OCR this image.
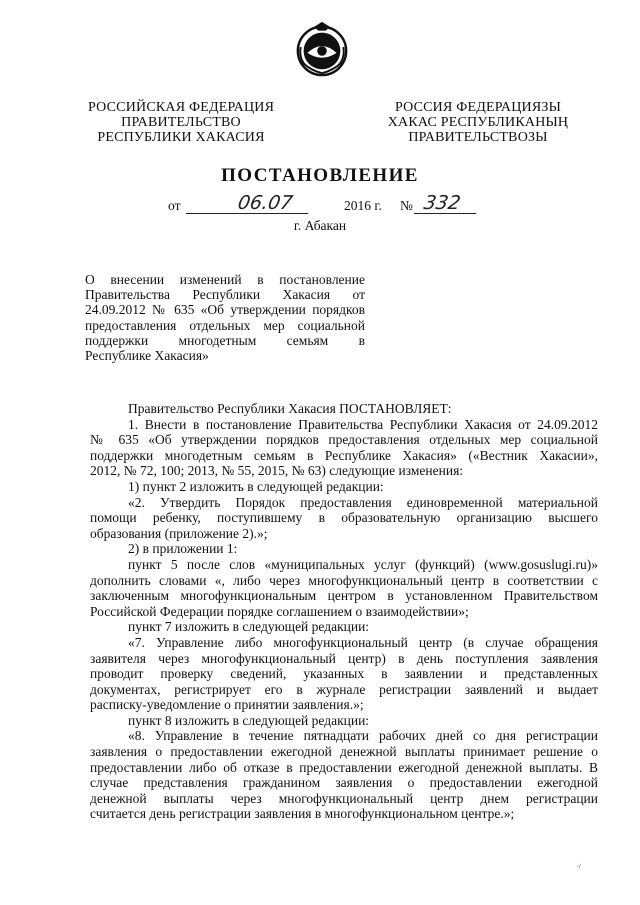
РОССИЙСКАЯ ФЕДЕРАЦИЯ
ПРАВИТЕЛЬСТВО
РЕСПУБЛИКИ ХАКАСИЯ
РОССИЯ ФЕДЕРАЦИЯЗЫ
ХАКАС РЕСПУБЛИКАНЫҢ
ПРАВИТЕЛЬСТВОЗЫ
ПОСТАНОВЛЕНИЕ
от	06.07	2016 г. № 332
г. Абакан
О внесении изменений в постановление
Правительства Республики Хакасия от
24.09.2012 № 635 «Об утверждении порядков
предоставления отдельных мер социальной
поддержки многодетным семьям в
Республике Хакасия»
Правительство Республики Хакасия ПОСТАНОВЛЯЕТ:
1. Внести в постановление Правительства Республики Хакасия от 24.09.2012
№ 635 «Об утверждении порядков предоставления отдельных мер социальной
поддержки многодетным семьям в Республике Хакасия» («Вестник Хакасии»,
2012, № 72, 100; 2013, № 55, 2015, № 63) следующие изменения:
1) пункт 2 изложить в следующей редакции:
«2. Утвердить Порядок предоставления единовременной материальной
помощи ребенку, поступившему в образовательную организацию высшего
образования (приложение 2).»;
2) в приложении 1:
пункт 5 после слов «муниципальных услуг (функций) (www.gosuslugi.ru)»
дополнить словами «, либо через многофункциональный центр в соответствии с
заключенным многофункциональным центром в установленном Правительством
Российской Федерации порядке соглашением о взаимодействии»;
пункт 7 изложить в следующей редакции:
«7. Управление либо многофункциональный центр (в случае обращения
заявителя через многофункциональный центр) в день поступления заявления
проводит проверку сведений, указанных в заявлении и представленных
документах, регистрирует его в журнале регистрации заявлений и выдает
расписку-уведомление о принятии заявления.»;
пункт 8 изложить в следующей редакции:
«8. Управление в течение пятнадцати рабочих дней со дня регистрации
заявления о предоставлении ежегодной денежной выплаты принимает решение о
предоставлении либо об отказе в предоставлении ежегодной денежной выплаты. В
случае представления гражданином заявления о предоставлении ежегодной
денежной выплаты через многофункциональный центр днем регистрации
считается день регистрации заявления в многофункциональном центре.»;
·/
